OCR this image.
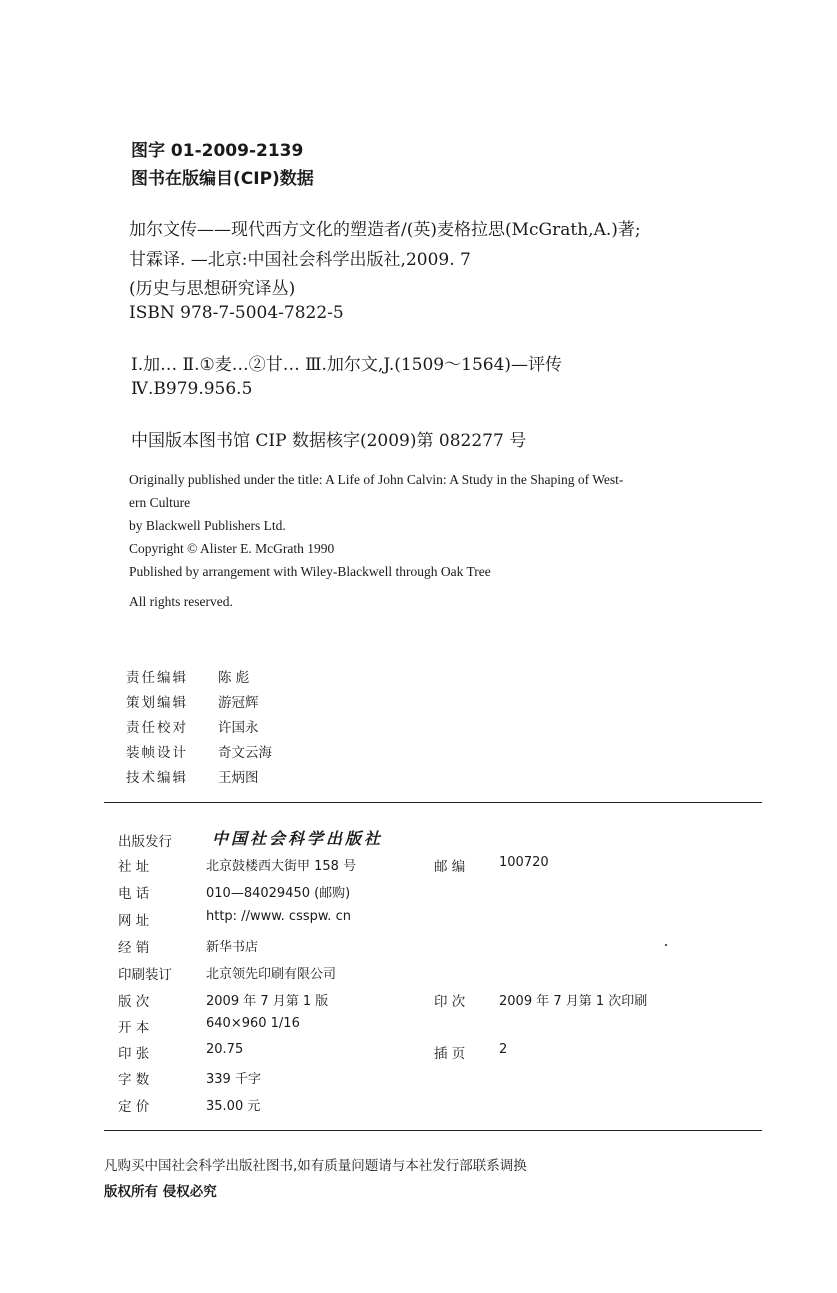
图字 01-2009-2139
图书在版编目(CIP)数据
加尔文传——现代西方文化的塑造者/(英)麦格拉思(McGrath,A.)著;
甘霖译. —北京:中国社会科学出版社,2009. 7
(历史与思想研究译丛)
ISBN 978-7-5004-7822-5
Ⅰ.加… Ⅱ.①麦…②甘… Ⅲ.加尔文,J.(1509～1564)—评传
Ⅳ.B979.956.5
中国版本图书馆 CIP 数据核字(2009)第 082277 号
Originally published under the title: A Life of John Calvin: A Study in the Shaping of West-
ern Culture
by Blackwell Publishers Ltd.
Copyright © Alister E. McGrath 1990
Published by arrangement with Wiley-Blackwell through Oak Tree
All rights reserved.
责任编辑 陈 彪
策划编辑 游冠辉
责任校对 许国永
装帧设计 奇文云海
技术编辑 王炳图
出版发行	中国社会科学出版社
社 址	北京鼓楼西大街甲 158 号	邮 编	100720
电 话	010—84029450 (邮购)
网 址	http: //www. csspw. cn
经 销	新华书店
印刷装订	北京领先印刷有限公司
版 次	2009 年 7 月第 1 版	印 次	2009 年 7 月第 1 次印刷
开 本	640×960 1/16
印 张	20.75	插 页	2
字 数	339 千字
定 价	35.00 元
凡购买中国社会科学出版社图书,如有质量问题请与本社发行部联系调换
版权所有 侵权必究
